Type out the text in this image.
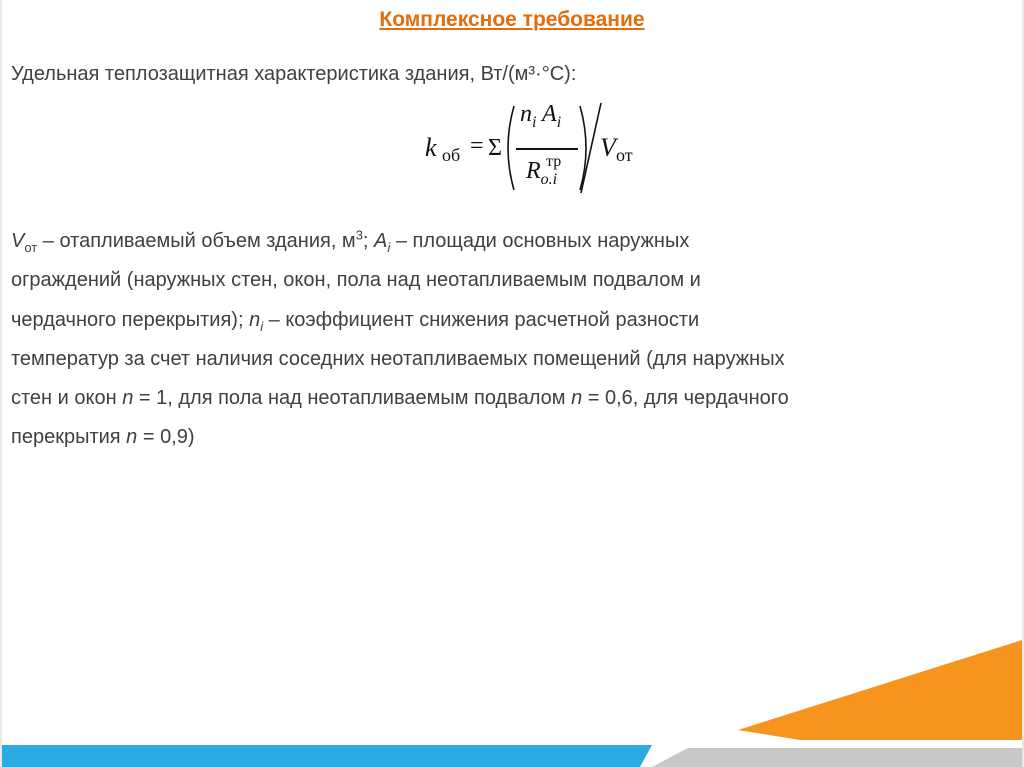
Комплексное требование
Удельная теплозащитная характеристика здания, Вт/(м³·°C):
k об = Σ
$n_i$ $A_i$
тр
$R_{o.i}$
V от
$V_{от}$ – отапливаемый объем здания, $м^3$; $A_i$ – площади основных наружных
ограждений (наружных стен, окон, пола над неотапливаемым подвалом и
чердачного перекрытия); $n_i$ – коэффициент снижения расчетной разности
температур за счет наличия соседних неотапливаемых помещений (для наружных
стен и окон n = 1, для пола над неотапливаемым подвалом n = 0,6, для чердачного
перекрытия n = 0,9)
